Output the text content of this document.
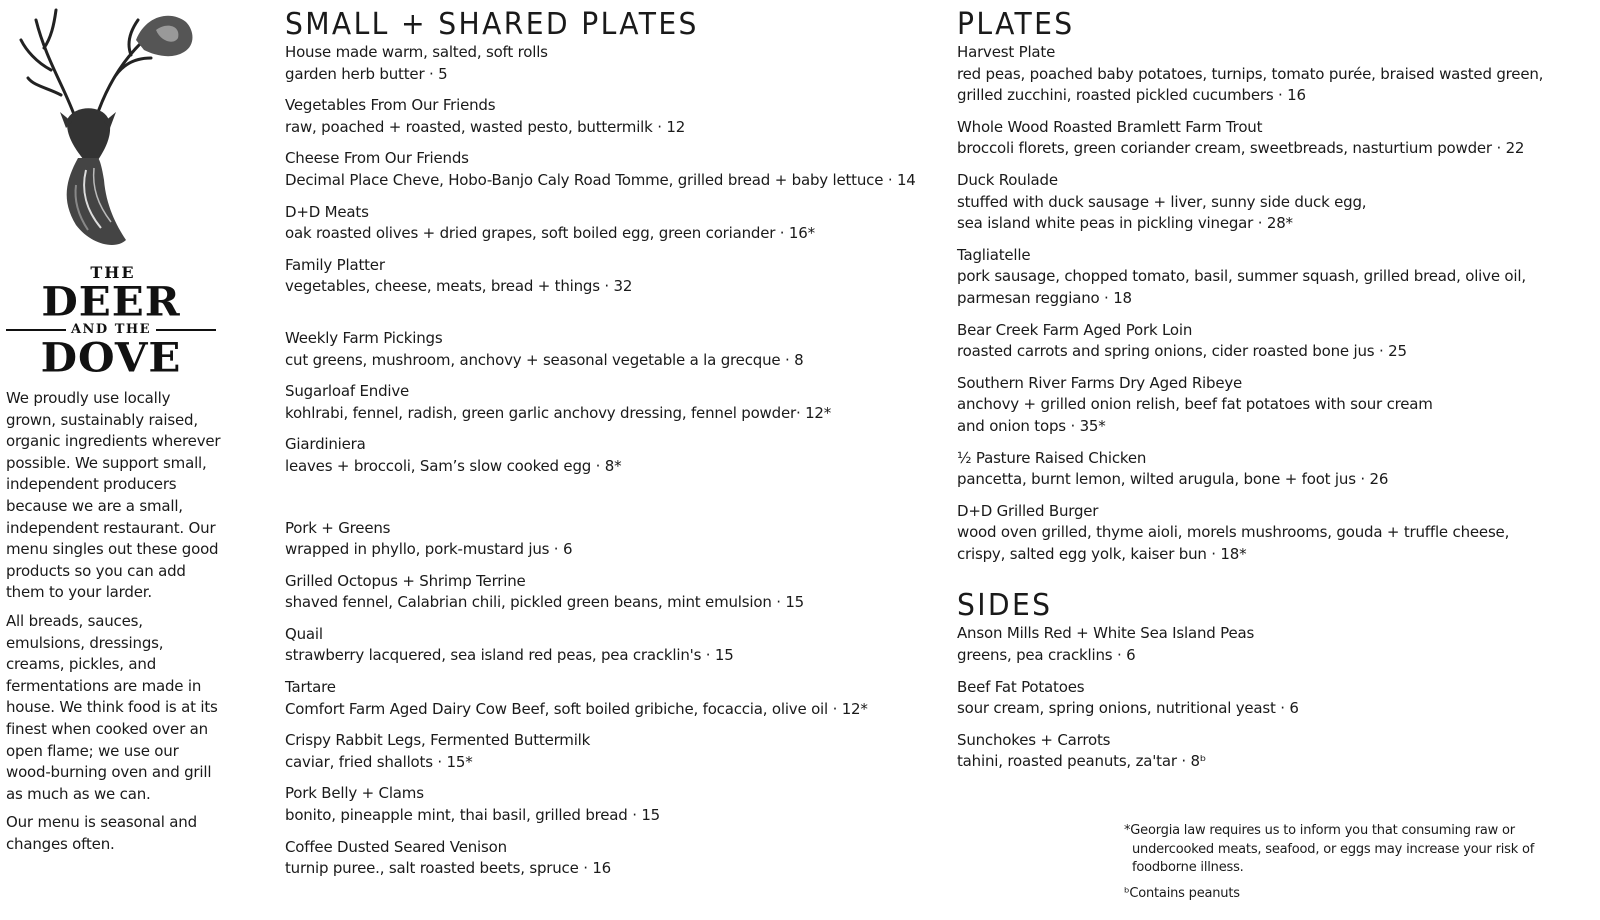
THE
DEER
AND THE
DOVE

We proudly use locally grown, sustainably raised, organic ingredients wherever possible. We support small, independent producers because we are a small, independent restaurant. Our menu singles out these good products so you can add them to your larder.

All breads, sauces, emulsions, dressings, creams, pickles, and fermentations are made in house. We think food is at its finest when cooked over an open flame; we use our wood-burning oven and grill as much as we can.

Our menu is seasonal and changes often.

SMALL + SHARED PLATES
House made warm, salted, soft rolls
garden herb butter · 5
Vegetables From Our Friends
raw, poached + roasted, wasted pesto, buttermilk · 12
Cheese From Our Friends
Decimal Place Cheve, Hobo-Banjo Caly Road Tomme, grilled bread + baby lettuce · 14
D+D Meats
oak roasted olives + dried grapes, soft boiled egg, green coriander · 16*
Family Platter
vegetables, cheese, meats, bread + things · 32
Weekly Farm Pickings
cut greens, mushroom, anchovy + seasonal vegetable a la grecque · 8
Sugarloaf Endive
kohlrabi, fennel, radish, green garlic anchovy dressing, fennel powder· 12*
Giardiniera
leaves + broccoli, Sam’s slow cooked egg · 8*
Pork + Greens
wrapped in phyllo, pork-mustard jus · 6
Grilled Octopus + Shrimp Terrine
shaved fennel, Calabrian chili, pickled green beans, mint emulsion · 15
Quail
strawberry lacquered, sea island red peas, pea cracklin's · 15
Tartare
Comfort Farm Aged Dairy Cow Beef, soft boiled gribiche, focaccia, olive oil · 12*
Crispy Rabbit Legs, Fermented Buttermilk
caviar, fried shallots · 15*
Pork Belly + Clams
bonito, pineapple mint, thai basil, grilled bread · 15
Coffee Dusted Seared Venison
turnip puree., salt roasted beets, spruce · 16
PLATES
Harvest Plate
red peas, poached baby potatoes, turnips, tomato purée, braised wasted green,
grilled zucchini, roasted pickled cucumbers · 16
Whole Wood Roasted Bramlett Farm Trout
broccoli florets, green coriander cream, sweetbreads, nasturtium powder · 22
Duck Roulade
stuffed with duck sausage + liver, sunny side duck egg,
sea island white peas in pickling vinegar · 28*
Tagliatelle
pork sausage, chopped tomato, basil, summer squash, grilled bread, olive oil,
parmesan reggiano · 18
Bear Creek Farm Aged Pork Loin
roasted carrots and spring onions, cider roasted bone jus · 25
Southern River Farms Dry Aged Ribeye
anchovy + grilled onion relish, beef fat potatoes with sour cream
and onion tops · 35*
½ Pasture Raised Chicken
pancetta, burnt lemon, wilted arugula, bone + foot jus · 26
D+D Grilled Burger
wood oven grilled, thyme aioli, morels mushrooms, gouda + truffle cheese,
crispy, salted egg yolk, kaiser bun · 18*
SIDES
Anson Mills Red + White Sea Island Peas
greens, pea cracklins · 6
Beef Fat Potatoes
sour cream, spring onions, nutritional yeast · 6
Sunchokes + Carrots
tahini, roasted peanuts, za'tar · 8ᵇ
*Georgia law requires us to inform you that consuming raw or undercooked meats, seafood, or eggs may increase your risk of foodborne illness.
ᵇContains peanuts
